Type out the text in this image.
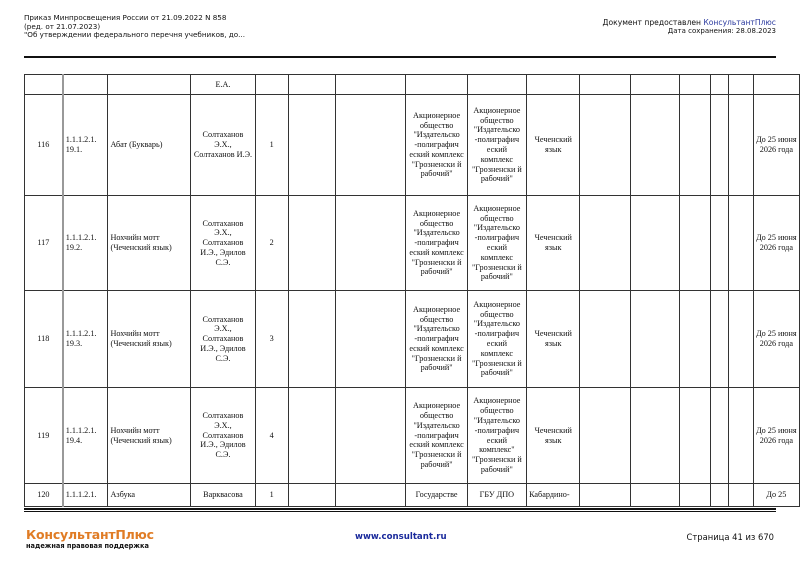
Приказ Минпросвещения России от 21.09.2022 N 858
(ред. от 21.07.2023)
"Об утверждении федерального перечня учебников, до...
Документ предоставлен КонсультантПлюс
Дата сохранения: 28.08.2023
			Е.А.												
116	1.1.1.2.1. 19.1.	Абат (Букварь)	Солтаханов Э.Х., Солтаханов И.Э.	1			Акционерное общество "Издательско -полиграфич еский комплекс "Грозненски й рабочий"	Акционерное общество "Издательско -полиграфич еский комплекс "Грозненски й рабочий"	Чеченский язык						До 25 июня 2026 года
117	1.1.1.2.1. 19.2.	Нохчийн мотт (Чеченский язык)	Солтаханов Э.Х., Солтаханов И.Э., Эдилов С.Э.	2			Акционерное общество "Издательско -полиграфич еский комплекс "Грозненски й рабочий"	Акционерное общество "Издательско -полиграфич еский комплекс "Грозненски й рабочий"	Чеченский язык						До 25 июня 2026 года
118	1.1.1.2.1. 19.3.	Нохчийн мотт (Чеченский язык)	Солтаханов Э.Х., Солтаханов И.Э., Эдилов С.Э.	3			Акционерное общество "Издательско -полиграфич еский комплекс "Грозненски й рабочий"	Акционерное общество "Издательско -полиграфич еский комплекс "Грозненски й рабочий"	Чеченский язык						До 25 июня 2026 года
119	1.1.1.2.1. 19.4.	Нохчийн мотт (Чеченский язык)	Солтаханов Э.Х., Солтаханов И.Э., Эдилов С.Э.	4			Акционерное общество "Издательско -полиграфич еский комплекс "Грозненски й рабочий"	Акционерное общество "Издательско -полиграфич еский комплекс" "Грозненски й рабочий"	Чеченский язык						До 25 июня 2026 года
120	1.1.1.2.1.	Азбука	Варквасова	1			Государстве	ГБУ ДПО	Кабардино-						До 25
КонсультантПлюс
надежная правовая поддержка
www.consultant.ru	Страница 41 из 670
